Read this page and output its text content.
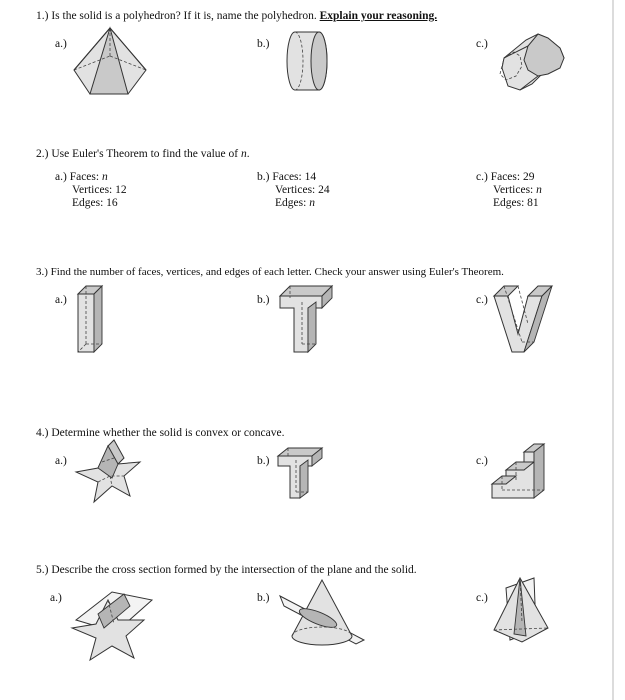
1.) Is the solid is a polyhedron? If it is, name the polyhedron. Explain your reasoning.
a.)	b.)	c.)
2.) Use Euler's Theorem to find the value of n.
a.) Faces: n
Vertices: 12
Edges: 16
b.) Faces: 14
Vertices: 24
Edges: n
c.) Faces: 29
Vertices: n
Edges: 81
3.) Find the number of faces, vertices, and edges of each letter. Check your answer using Euler's Theorem.
a.)	b.)	c.)
4.) Determine whether the solid is convex or concave.
a.)	b.)	c.)
5.) Describe the cross section formed by the intersection of the plane and the solid.
a.)	b.)	c.)
